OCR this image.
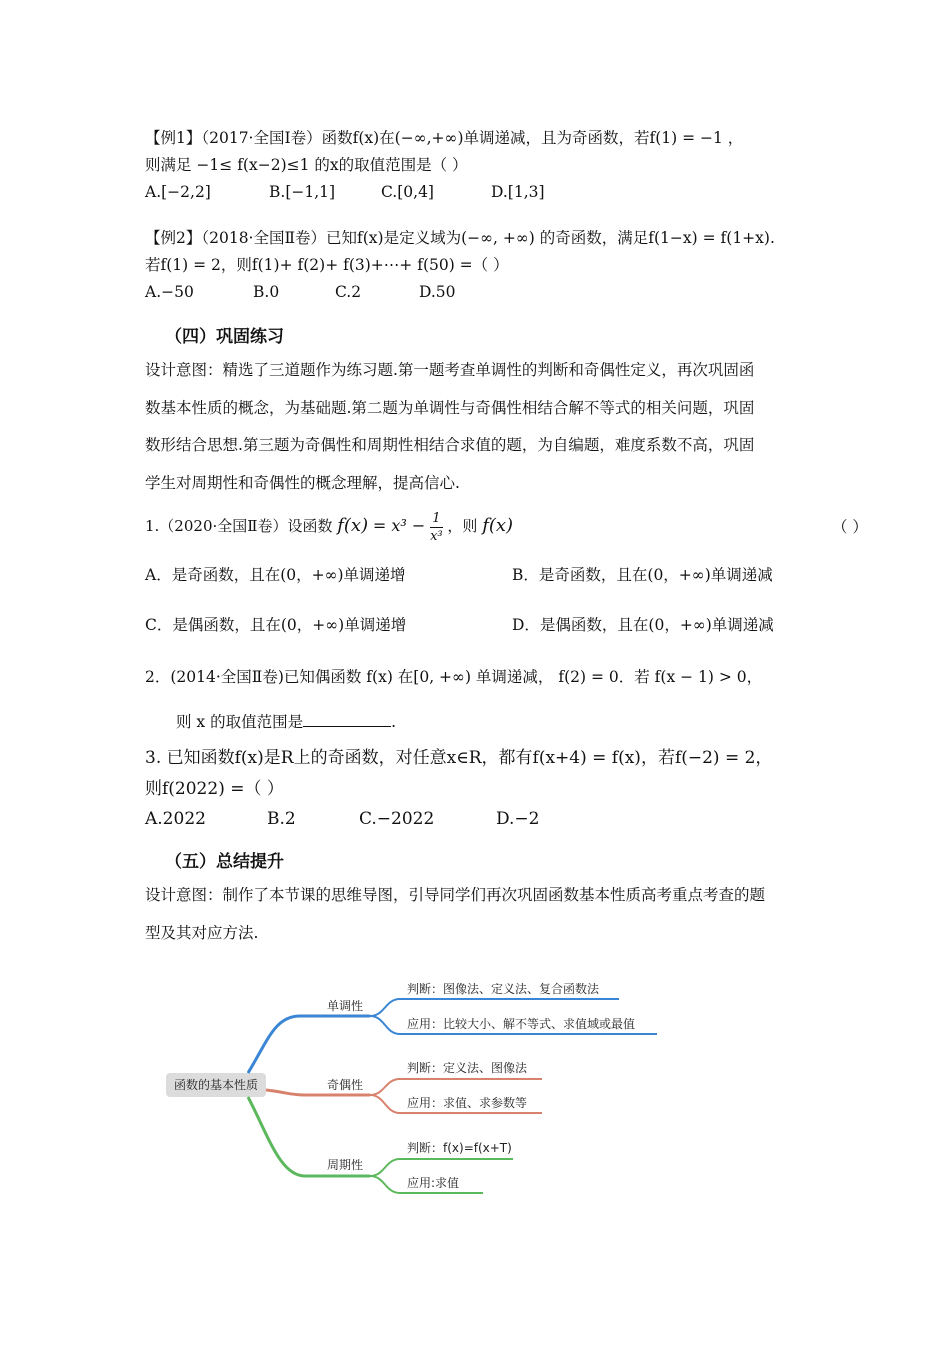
【例1】（2017·全国Ⅰ卷）函数f(x)在(−∞,+∞)单调递减，且为奇函数，若f(1) = −1 ，
则满足 −1≤ f(x−2)≤1 的x的取值范围是（ ）
A.[−2,2]	B.[−1,1]	C.[0,4]	D.[1,3]
【例2】（2018·全国Ⅱ卷）已知f(x)是定义域为(−∞, +∞) 的奇函数，满足f(1−x) = f(1+x).
若f(1) = 2，则f(1)+ f(2)+ f(3)+⋯+ f(50) =（ ）
A.−50	B.0	C.2	D.50
（四）巩固练习
设计意图：精选了三道题作为练习题.第一题考查单调性的判断和奇偶性定义，再次巩固函
数基本性质的概念，为基础题.第二题为单调性与奇偶性相结合解不等式的相关问题，巩固
数形结合思想.第三题为奇偶性和周期性相结合求值的题，为自编题，难度系数不高，巩固
学生对周期性和奇偶性的概念理解，提高信心.
1.（2020·全国Ⅱ卷）设函数 $f(x) = x^3 - \frac{1}{\text{x³}}$ ，则 f(x)	（ ）
A．是奇函数，且在(0，+∞)单调递增	B．是奇函数，且在(0，+∞)单调递减
C．是偶函数，且在(0，+∞)单调递增	D．是偶函数，且在(0，+∞)单调递减
2．(2014·全国Ⅱ卷)已知偶函数 f(x) 在[0, +∞) 单调递减， f(2) = 0．若 f(x − 1) > 0，
则 x 的取值范围是	.
3. 已知函数f(x)是R上的奇函数，对任意x∈R，都有f(x+4) = f(x)，若f(−2) = 2，
则f(2022) =（ ）
A.2022	B.2	C.−2022	D.−2
（五）总结提升
设计意图：制作了本节课的思维导图，引导同学们再次巩固函数基本性质高考重点考查的题
型及其对应方法.
函数的基本性质
单调性
判断：图像法、定义法、复合函数法
应用：比较大小、解不等式、求值域或最值
奇偶性
判断：定义法、图像法
应用：求值、求参数等
周期性
判断：f(x)=f(x+T)
应用:求值
